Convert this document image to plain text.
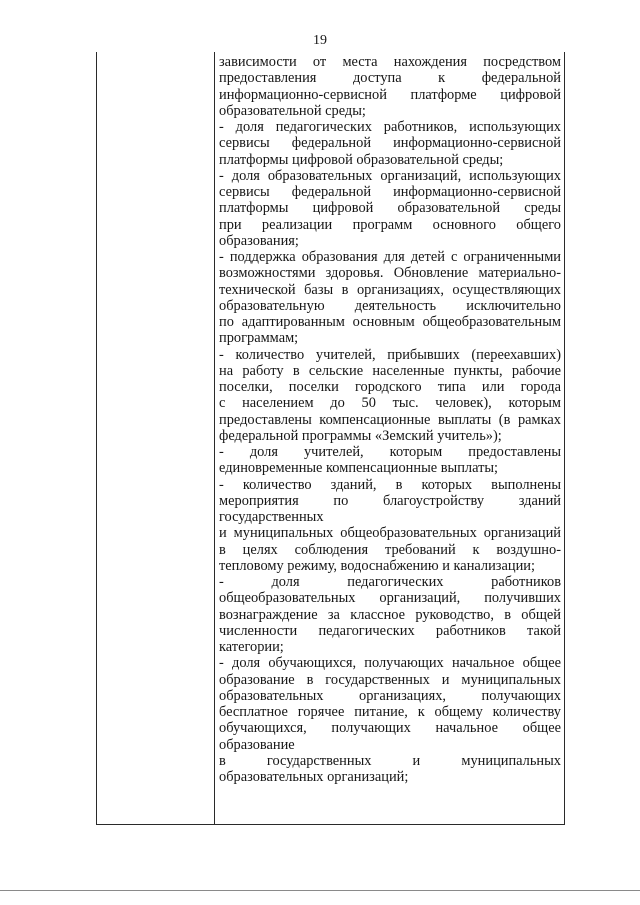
19
зависимости от места нахождения посредством
предоставления доступа к федеральной
информационно-сервисной платформе цифровой
образовательной среды;
- доля педагогических работников, использующих
сервисы федеральной информационно-сервисной
платформы цифровой образовательной среды;
- доля образовательных организаций, использующих
сервисы федеральной информационно-сервисной
платформы цифровой образовательной среды
при реализации программ основного общего
образования;
- поддержка образования для детей с ограниченными
возможностями здоровья. Обновление материально-
технической базы в организациях, осуществляющих
образовательную деятельность исключительно
по адаптированным основным общеобразовательным
программам;
- количество учителей, прибывших (переехавших)
на работу в сельские населенные пункты, рабочие
поселки, поселки городского типа или города
с населением до 50 тыс. человек), которым
предоставлены компенсационные выплаты (в рамках
федеральной программы «Земский учитель»);
- доля учителей, которым предоставлены
единовременные компенсационные выплаты;
- количество зданий, в которых выполнены
мероприятия по благоустройству зданий
государственных
и муниципальных общеобразовательных организаций
в целях соблюдения требований к воздушно-
тепловому режиму, водоснабжению и канализации;
- доля педагогических работников
общеобразовательных организаций, получивших
вознаграждение за классное руководство, в общей
численности педагогических работников такой
категории;
- доля обучающихся, получающих начальное общее
образование в государственных и муниципальных
образовательных организациях, получающих
бесплатное горячее питание, к общему количеству
обучающихся, получающих начальное общее
образование
в государственных и муниципальных
образовательных организаций;
